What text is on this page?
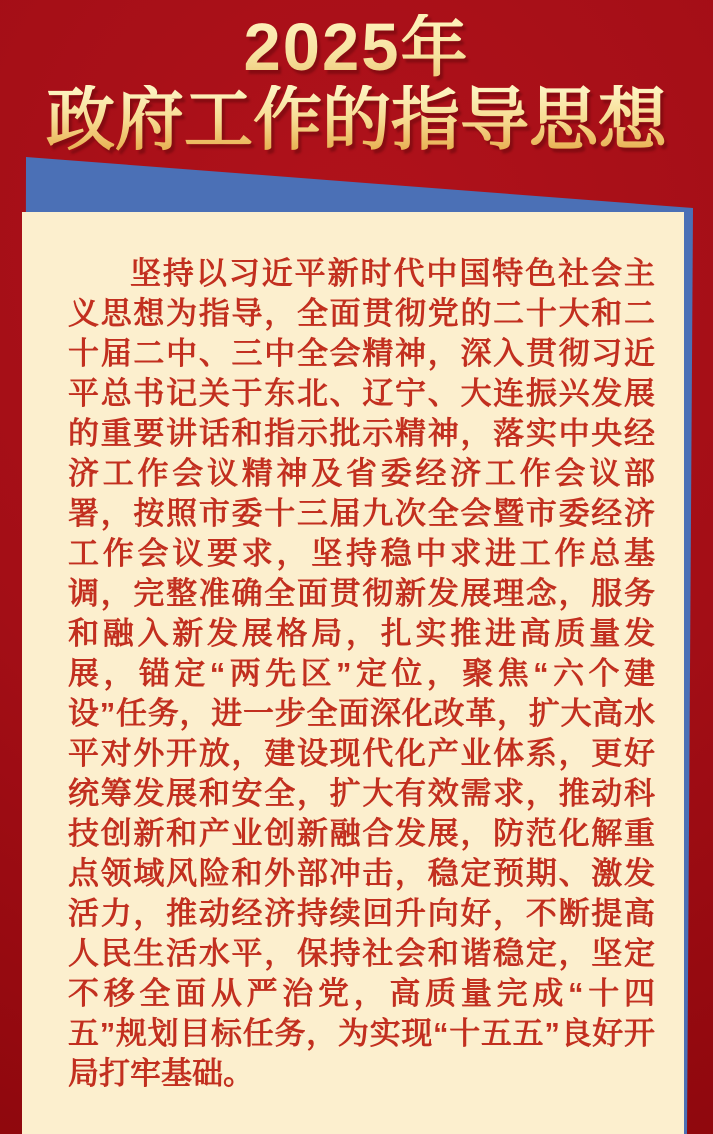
坚持以习近平新时代中国特色社会主义思想为指导，全面贯彻党的二十大和二十届二中、三中全会精神，深入贯彻习近平总书记关于东北、辽宁、大连振兴发展的重要讲话和指示批示精神，落实中央经济工作会议精神及省委经济工作会议部署，按照市委十三届九次全会暨市委经济工作会议要求，坚持稳中求进工作总基调，完整准确全面贯彻新发展理念，服务和融入新发展格局，扎实推进高质量发展，锚定“两先区”定位，聚焦“六个建设”任务，进一步全面深化改革，扩大高水平对外开放，建设现代化产业体系，更好统筹发展和安全，扩大有效需求，推动科技创新和产业创新融合发展，防范化解重点领域风险和外部冲击，稳定预期、激发活力，推动经济持续回升向好，不断提高人民生活水平，保持社会和谐稳定，坚定不移全面从严治党，高质量完成“十四五”规划目标任务，为实现“十五五”良好开局打牢基础。

2025年
政府工作的指导思想
